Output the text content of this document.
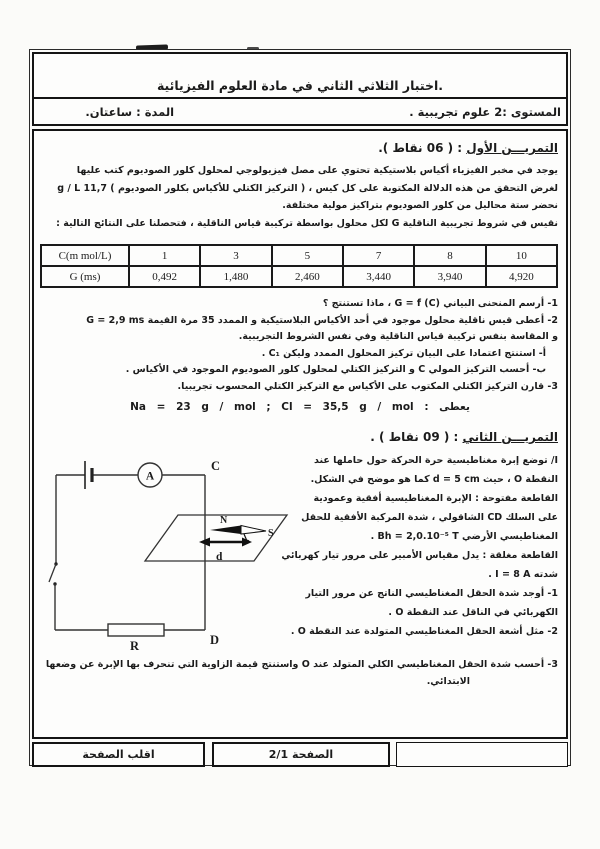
اختبار الثلاثي الثاني في مادة العلوم الفيزيائية.
المستوى :2 علوم تجريبية .
المدة : ساعتان.
التمريـــن الأول : ( 06 نقاط ).
يوجد في مخبر الفيزياء أكياس بلاستيكية تحتوي على مصل فيزيولوجي لمحلول كلور الصوديوم كتب عليها
لغرض التحقق من هذه الدلالة المكتوبة على كل كيس ، ( التركيز الكتلي للأكياس بكلور الصوديوم ) 11,7 g / L
نحضر ستة محاليل من كلور الصوديوم بتراكيز مولية مختلفة.
نقيس في شروط تجريبية الناقلية G لكل محلول بواسطة تركيبة قياس الناقلية ، فتحصلنا على النتائج التالية :
C(m mol/L)	1	3	5	7	8	10
G (ms)	0,492	1,480	2,460	3,440	3,940	4,920
1- أرسم المنحنى البياني G = f (C) ، ماذا تستنتج ؟
2- أعطى قيس ناقلية محلول موجود في أحد الأكياس البلاستيكية و الممدد 35 مرة القيمة G = 2,9 ms
و المقاسة بنفس تركيبة قياس الناقلية وفي نفس الشروط التجريبية.
أ- استنتج اعتمادا على البيان تركيز المحلول الممدد وليكن C₁ .
ب- أحسب التركيز المولي C و التركيز الكتلي لمحلول كلور الصوديوم الموجود في الأكياس .
3- قارن التركيز الكتلي المكتوب على الأكياس مع التركيز الكتلي المحسوب تجريبيا.
يعطى : Na = 23 g / mol ; Cl = 35,5 g / mol
التمريـــن الثاني : ( 09 نقاط ) .
I/ توضع إبرة مغناطيسية حرة الحركة حول حاملها عند
النقطة O ، حيث d = 5 cm كما هو موضح في الشكل.
القاطعة مفتوحة : الإبرة المغناطيسية أفقية وعمودية
على السلك CD الشاقولي ، شدة المركبة الأفقية للحقل
المغناطيسي الأرضي Bh = 2,0.10⁻⁵ T .
القاطعة مغلقة : يدل مقياس الأمبير على مرور تيار كهربائي
شدته I = 8 A .
1- أوجد شدة الحقل المغناطيسي الناتج عن مرور التيار
الكهربائي في الناقل عند النقطة O .
2- مثل أشعة الحقل المغناطيسي المتولدة عند النقطة O .
A
C
R	D
N
S
d
3- أحسب شدة الحقل المغناطيسي الكلي المتولد عند O واستنتج قيمة الزاوية التي تنحرف بها الإبرة عن وضعها
الابتدائي.
اقلب الصفحة	الصفحة 2/1
